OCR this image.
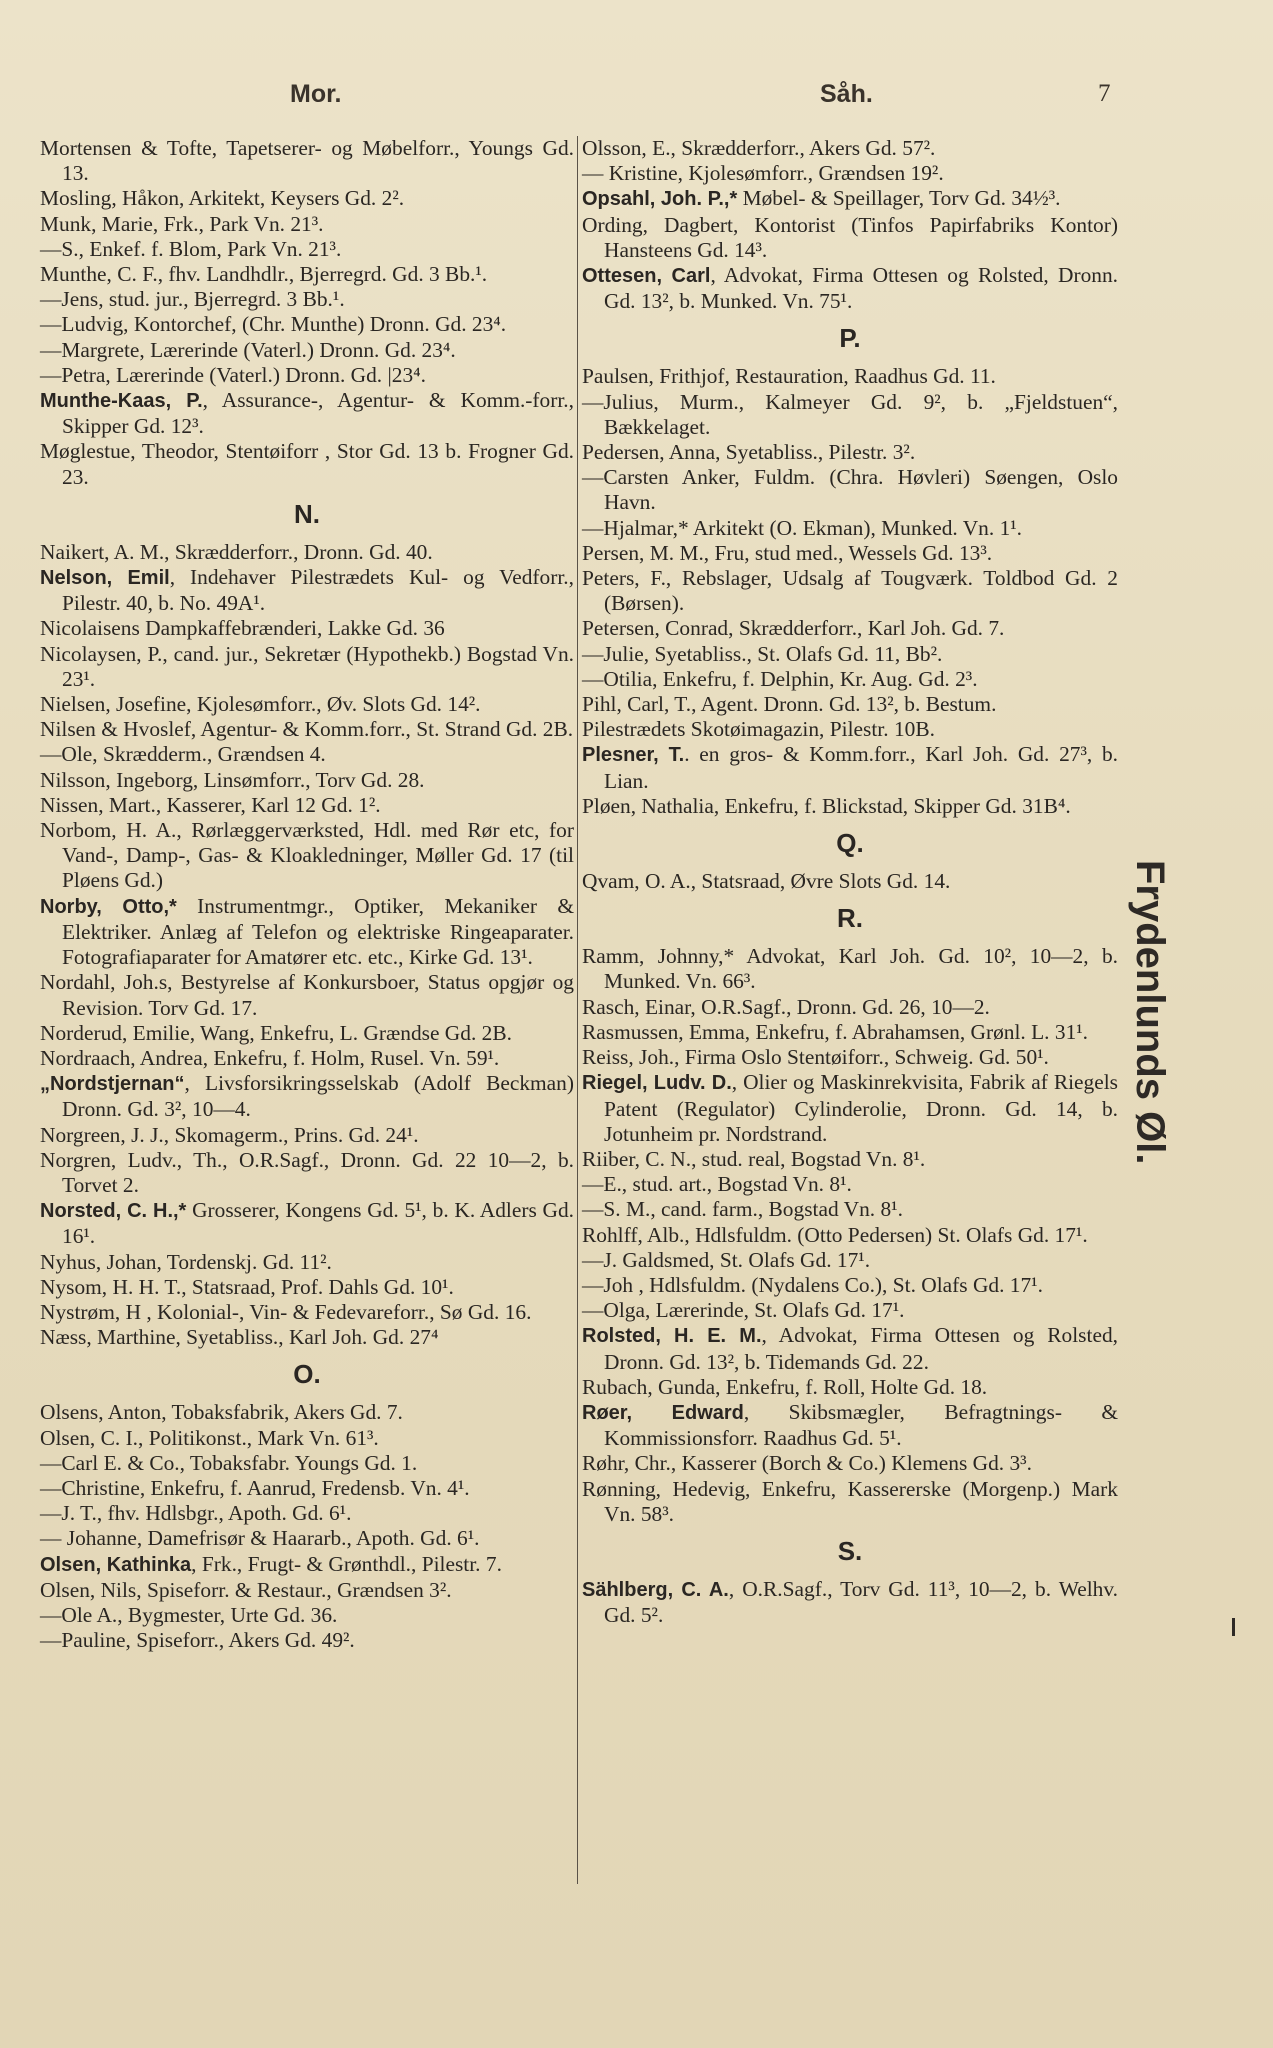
Mor.	Såh.	7
Mortensen & Tofte, Tapetserer- og Møbelforr., Youngs Gd. 13.
Mosling, Håkon, Arkitekt, Keysers Gd. 2².
Munk, Marie, Frk., Park Vn. 21³.
—S., Enkef. f. Blom, Park Vn. 21³.
Munthe, C. F., fhv. Landhdlr., Bjerregrd. Gd. 3 Bb.¹.
—Jens, stud. jur., Bjerregrd. 3 Bb.¹.
—Ludvig, Kontorchef, (Chr. Munthe) Dronn. Gd. 23⁴.
—Margrete, Lærerinde (Vaterl.) Dronn. Gd. 23⁴.
—Petra, Lærerinde (Vaterl.) Dronn. Gd. |23⁴.
Munthe-Kaas, P., Assurance-, Agentur- & Komm.-forr., Skipper Gd. 12³.
Møglestue, Theodor, Stentøiforr , Stor Gd. 13 b. Frogner Gd. 23.
N.
Naikert, A. M., Skrædderforr., Dronn. Gd. 40.
Nelson, Emil, Indehaver Pilestrædets Kul- og Vedforr., Pilestr. 40, b. No. 49A¹.
Nicolaisens Dampkaffebrænderi, Lakke Gd. 36
Nicolaysen, P., cand. jur., Sekretær (Hypothekb.) Bogstad Vn. 23¹.
Nielsen, Josefine, Kjolesømforr., Øv. Slots Gd. 14².
Nilsen & Hvoslef, Agentur- & Komm.forr., St. Strand Gd. 2B.
—Ole, Skrædderm., Grændsen 4.
Nilsson, Ingeborg, Linsømforr., Torv Gd. 28.
Nissen, Mart., Kasserer, Karl 12 Gd. 1².
Norbom, H. A., Rørlæggerværksted, Hdl. med Rør etc, for Vand-, Damp-, Gas- & Kloakledninger, Møller Gd. 17 (til Pløens Gd.)
Norby, Otto,* Instrumentmgr., Optiker, Mekaniker & Elektriker. Anlæg af Telefon og elektriske Ringeaparater. Fotografiaparater for Amatører etc. etc., Kirke Gd. 13¹.
Nordahl, Joh.s, Bestyrelse af Konkursboer, Status opgjør og Revision. Torv Gd. 17.
Norderud, Emilie, Wang, Enkefru, L. Grændse Gd. 2B.
Nordraach, Andrea, Enkefru, f. Holm, Rusel. Vn. 59¹.
„Nordstjernan“, Livsforsikringsselskab (Adolf Beckman) Dronn. Gd. 3², 10—4.
Norgreen, J. J., Skomagerm., Prins. Gd. 24¹.
Norgren, Ludv., Th., O.R.Sagf., Dronn. Gd. 22 10—2, b. Torvet 2.
Norsted, C. H.,* Grosserer, Kongens Gd. 5¹, b. K. Adlers Gd. 16¹.
Nyhus, Johan, Tordenskj. Gd. 11².
Nysom, H. H. T., Statsraad, Prof. Dahls Gd. 10¹.
Nystrøm, H , Kolonial-, Vin- & Fedevareforr., Sø Gd. 16.
Næss, Marthine, Syetabliss., Karl Joh. Gd. 27⁴
O.
Olsens, Anton, Tobaksfabrik, Akers Gd. 7.
Olsen, C. I., Politikonst., Mark Vn. 61³.
—Carl E. & Co., Tobaksfabr. Youngs Gd. 1.
—Christine, Enkefru, f. Aanrud, Fredensb. Vn. 4¹.
—J. T., fhv. Hdlsbgr., Apoth. Gd. 6¹.
— Johanne, Damefrisør & Haararb., Apoth. Gd. 6¹.
Olsen, Kathinka, Frk., Frugt- & Grønthdl., Pilestr. 7.
Olsen, Nils, Spiseforr. & Restaur., Grændsen 3².
—Ole A., Bygmester, Urte Gd. 36.
—Pauline, Spiseforr., Akers Gd. 49².
Olsson, E., Skrædderforr., Akers Gd. 57².
— Kristine, Kjolesømforr., Grændsen 19².
Opsahl, Joh. P.,* Møbel- & Speillager, Torv Gd. 34½³.
Ording, Dagbert, Kontorist (Tinfos Papirfabriks Kontor) Hansteens Gd. 14³.
Ottesen, Carl, Advokat, Firma Ottesen og Rolsted, Dronn. Gd. 13², b. Munked. Vn. 75¹.
P.
Paulsen, Frithjof, Restauration, Raadhus Gd. 11.
—Julius, Murm., Kalmeyer Gd. 9², b. „Fjeldstuen“, Bækkelaget.
Pedersen, Anna, Syetabliss., Pilestr. 3².
—Carsten Anker, Fuldm. (Chra. Høvleri) Søengen, Oslo Havn.
—Hjalmar,* Arkitekt (O. Ekman), Munked. Vn. 1¹.
Persen, M. M., Fru, stud med., Wessels Gd. 13³.
Peters, F., Rebslager, Udsalg af Tougværk. Toldbod Gd. 2 (Børsen).
Petersen, Conrad, Skrædderforr., Karl Joh. Gd. 7.
—Julie, Syetabliss., St. Olafs Gd. 11, Bb².
—Otilia, Enkefru, f. Delphin, Kr. Aug. Gd. 2³.
Pihl, Carl, T., Agent. Dronn. Gd. 13², b. Bestum.
Pilestrædets Skotøimagazin, Pilestr. 10B.
Plesner, T.. en gros- & Komm.forr., Karl Joh. Gd. 27³, b. Lian.
Pløen, Nathalia, Enkefru, f. Blickstad, Skipper Gd. 31B⁴.
Q.
Qvam, O. A., Statsraad, Øvre Slots Gd. 14.
R.
Ramm, Johnny,* Advokat, Karl Joh. Gd. 10², 10—2, b. Munked. Vn. 66³.
Rasch, Einar, O.R.Sagf., Dronn. Gd. 26, 10—2.
Rasmussen, Emma, Enkefru, f. Abrahamsen, Grønl. L. 31¹.
Reiss, Joh., Firma Oslo Stentøiforr., Schweig. Gd. 50¹.
Riegel, Ludv. D., Olier og Maskinrekvisita, Fabrik af Riegels Patent (Regulator) Cylinderolie, Dronn. Gd. 14, b. Jotunheim pr. Nordstrand.
Riiber, C. N., stud. real, Bogstad Vn. 8¹.
—E., stud. art., Bogstad Vn. 8¹.
—S. M., cand. farm., Bogstad Vn. 8¹.
Rohlff, Alb., Hdlsfuldm. (Otto Pedersen) St. Olafs Gd. 17¹.
—J. Galdsmed, St. Olafs Gd. 17¹.
—Joh , Hdlsfuldm. (Nydalens Co.), St. Olafs Gd. 17¹.
—Olga, Lærerinde, St. Olafs Gd. 17¹.
Rolsted, H. E. M., Advokat, Firma Ottesen og Rolsted, Dronn. Gd. 13², b. Tidemands Gd. 22.
Rubach, Gunda, Enkefru, f. Roll, Holte Gd. 18.
Røer, Edward, Skibsmægler, Befragtnings- & Kommissionsforr. Raadhus Gd. 5¹.
Røhr, Chr., Kasserer (Borch & Co.) Klemens Gd. 3³.
Rønning, Hedevig, Enkefru, Kassererske (Morgenp.) Mark Vn. 58³.
S.
Sählberg, C. A., O.R.Sagf., Torv Gd. 11³, 10—2, b. Welhv. Gd. 5².
Frydenlunds Øl.
